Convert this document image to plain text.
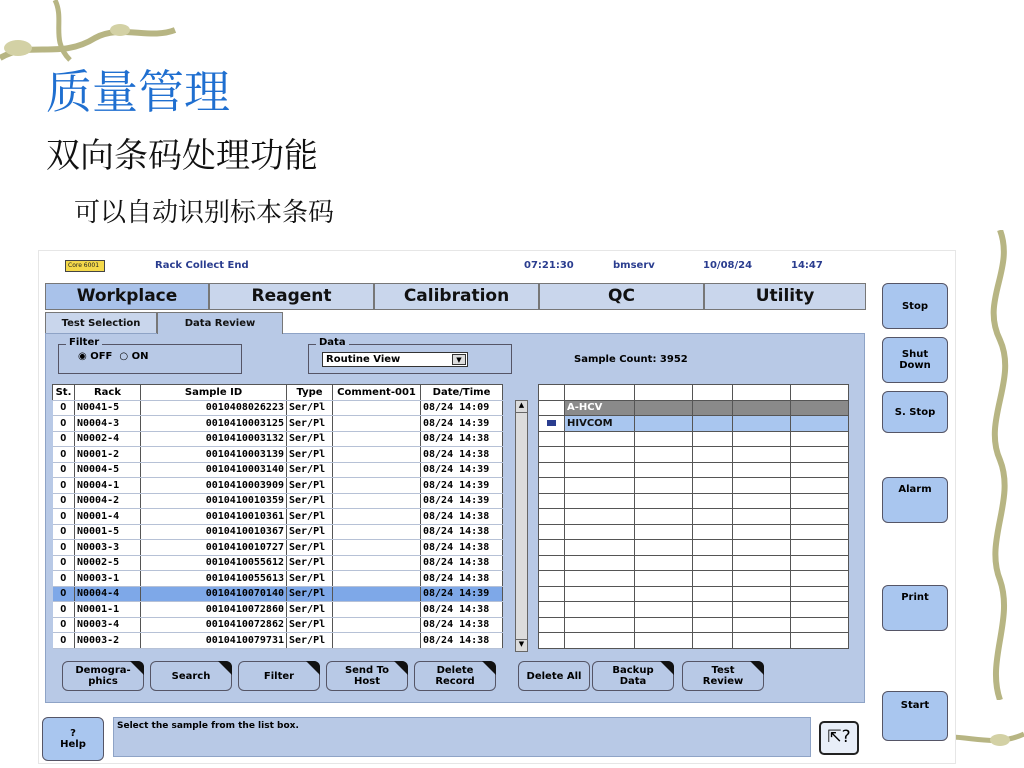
质量管理
双向条码处理功能
可以自动识别标本条码
Core 6001	Rack Collect End	07:21:30	bmserv	10/08/24	14:47
Workplace	Reagent	Calibration	QC	Utility
Test Selection	Data Review
Filter
◉ OFF  ○ ON
Data
Routine View	▼	Sample Count: 3952
St.	Rack	Sample ID	Type	Comment-001	Date/Time
O	N0041-5	0010408026223	Ser/Pl		08/24 14:09
O	N0004-3	0010410003125	Ser/Pl		08/24 14:39
O	N0002-4	0010410003132	Ser/Pl		08/24 14:38
O	N0001-2	0010410003139	Ser/Pl		08/24 14:38
O	N0004-5	0010410003140	Ser/Pl		08/24 14:39
O	N0004-1	0010410003909	Ser/Pl		08/24 14:39
O	N0004-2	0010410010359	Ser/Pl		08/24 14:39
O	N0001-4	0010410010361	Ser/Pl		08/24 14:38
O	N0001-5	0010410010367	Ser/Pl		08/24 14:38
O	N0003-3	0010410010727	Ser/Pl		08/24 14:38
O	N0002-5	0010410055612	Ser/Pl		08/24 14:38
O	N0003-1	0010410055613	Ser/Pl		08/24 14:38
O	N0004-4	0010410070140	Ser/Pl		08/24 14:39
O	N0001-1	0010410072860	Ser/Pl		08/24 14:38
O	N0003-4	0010410072862	Ser/Pl		08/24 14:38
O	N0003-2	0010410079731	Ser/Pl		08/24 14:38
▲
▼
	Test	Result	R.M.	Alarm	Unit
	A-HCV				
	HIVCOM				

Demogra-
phics	Search	Filter	Send To
Host
Delete
Record	Delete All	Backup
Data
Test
Review
?
Help
Select the sample from the list box.
⇱?
Stop
Shut
Down
S. Stop
Alarm
Print
Start
